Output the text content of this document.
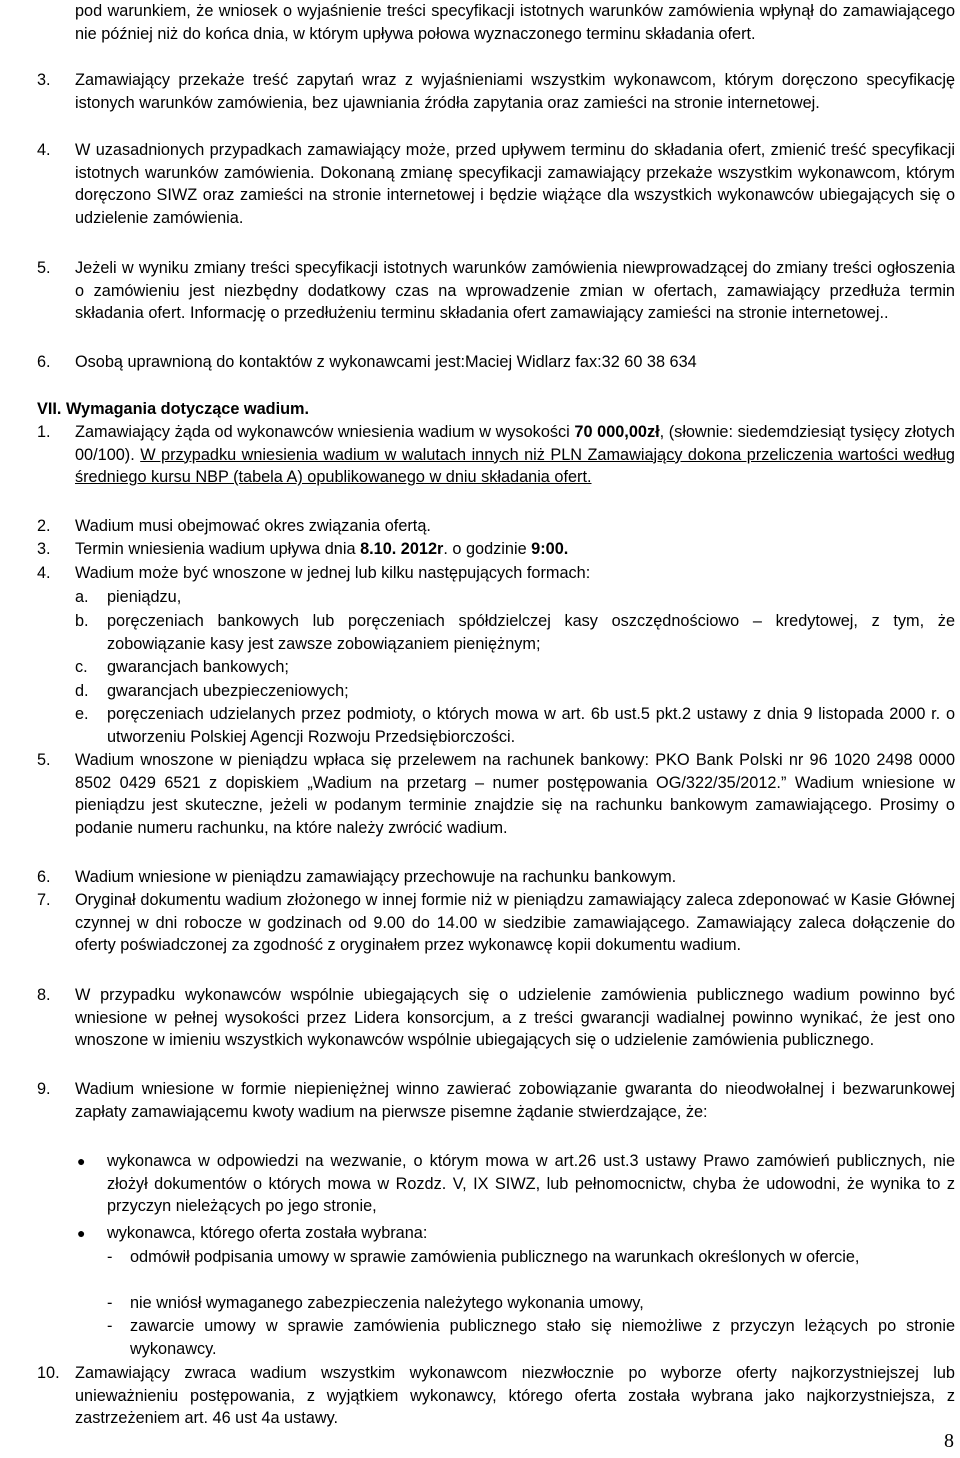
pod warunkiem, że wniosek o wyjaśnienie treści specyfikacji istotnych warunków zamówienia wpłynął do zamawiającego nie później niż do końca dnia, w którym upływa połowa wyznaczonego terminu składania ofert.
3.	Zamawiający przekaże treść zapytań wraz z wyjaśnieniami wszystkim wykonawcom, którym doręczono specyfikację istonych warunków zamówienia, bez ujawniania źródła zapytania oraz zamieści na stronie internetowej.
4.	W uzasadnionych przypadkach zamawiający może, przed upływem terminu do składania ofert, zmienić treść specyfikacji istotnych warunków zamówienia. Dokonaną zmianę specyfikacji zamawiający przekaże wszystkim wykonawcom, którym doręczono SIWZ oraz zamieści na stronie internetowej i będzie wiążące dla wszystkich wykonawców ubiegających się o udzielenie zamówienia.
5.	Jeżeli w wyniku zmiany treści specyfikacji istotnych warunków zamówienia niewprowadzącej do zmiany treści ogłoszenia o zamówieniu jest niezbędny dodatkowy czas na wprowadzenie zmian w ofertach, zamawiający przedłuża termin składania ofert. Informację o przedłużeniu terminu składania ofert zamawiający zamieści na stronie internetowej..
6.	Osobą uprawnioną do kontaktów z wykonawcami jest:Maciej Widlarz fax:32 60 38 634
VII. Wymagania dotyczące wadium.
1.	Zamawiający żąda od wykonawców wniesienia wadium w wysokości 70 000,00zł, (słownie: siedemdziesiąt tysięcy złotych 00/100). W przypadku wniesienia wadium w walutach innych niż PLN Zamawiający dokona przeliczenia wartości według średniego kursu NBP (tabela A) opublikowanego w dniu składania ofert.
2.	Wadium musi obejmować okres związania ofertą.
3.	Termin wniesienia wadium upływa dnia 8.10. 2012r. o godzinie 9:00.
4.	Wadium może być wnoszone w jednej lub kilku następujących formach:
a.	pieniądzu,
b.	poręczeniach bankowych lub poręczeniach spółdzielczej kasy oszczędnościowo – kredytowej, z tym, że zobowiązanie kasy jest zawsze zobowiązaniem pieniężnym;
c.	gwarancjach bankowych;
d.	gwarancjach ubezpieczeniowych;
e.	poręczeniach udzielanych przez podmioty, o których mowa w art. 6b ust.5 pkt.2 ustawy z dnia 9 listopada 2000 r. o utworzeniu Polskiej Agencji Rozwoju Przedsiębiorczości.
5.	Wadium wnoszone w pieniądzu wpłaca się przelewem na rachunek bankowy: PKO Bank Polski nr 96 1020 2498 0000 8502 0429 6521 z dopiskiem „Wadium na przetarg – numer postępowania OG/322/35/2012.” Wadium wniesione w pieniądzu jest skuteczne, jeżeli w podanym terminie znajdzie się na rachunku bankowym zamawiającego. Prosimy o podanie numeru rachunku, na które należy zwrócić wadium.
6.	Wadium wniesione w pieniądzu zamawiający przechowuje na rachunku bankowym.
7.	Oryginał dokumentu wadium złożonego w innej formie niż w pieniądzu zamawiający zaleca zdeponować w Kasie Głównej czynnej w dni robocze w godzinach od 9.00 do 14.00 w siedzibie zamawiającego. Zamawiający zaleca dołączenie do oferty poświadczonej za zgodność z oryginałem przez wykonawcę kopii dokumentu wadium.
8.	W przypadku wykonawców wspólnie ubiegających się o udzielenie zamówienia publicznego wadium powinno być wniesione w pełnej wysokości przez Lidera konsorcjum, a z treści gwarancji wadialnej powinno wynikać, że jest ono wnoszone w imieniu wszystkich wykonawców wspólnie ubiegających się o udzielenie zamówienia publicznego.
9.	Wadium wniesione w formie niepieniężnej winno zawierać zobowiązanie gwaranta do nieodwołalnej i bezwarunkowej zapłaty zamawiającemu kwoty wadium na pierwsze pisemne żądanie stwierdzające, że:
●	wykonawca w odpowiedzi na wezwanie, o którym mowa w art.26 ust.3 ustawy Prawo zamówień publicznych, nie złożył dokumentów o których mowa w Rozdz. V, IX SIWZ, lub pełnomocnictw, chyba że udowodni, że wynika to z przyczyn nieleżących po jego stronie,
●	wykonawca, którego oferta została wybrana:
-	odmówił podpisania umowy w sprawie zamówienia publicznego na warunkach określonych w ofercie,
-	nie wniósł wymaganego zabezpieczenia należytego wykonania umowy,
-	zawarcie umowy w sprawie zamówienia publicznego stało się niemożliwe z przyczyn leżących po stronie wykonawcy.
10. Zamawiający zwraca wadium wszystkim wykonawcom niezwłocznie po wyborze oferty najkorzystniejszej lub unieważnieniu postępowania, z wyjątkiem wykonawcy, którego oferta została wybrana jako najkorzystniejsza, z zastrzeżeniem art. 46 ust 4a ustawy.
8
